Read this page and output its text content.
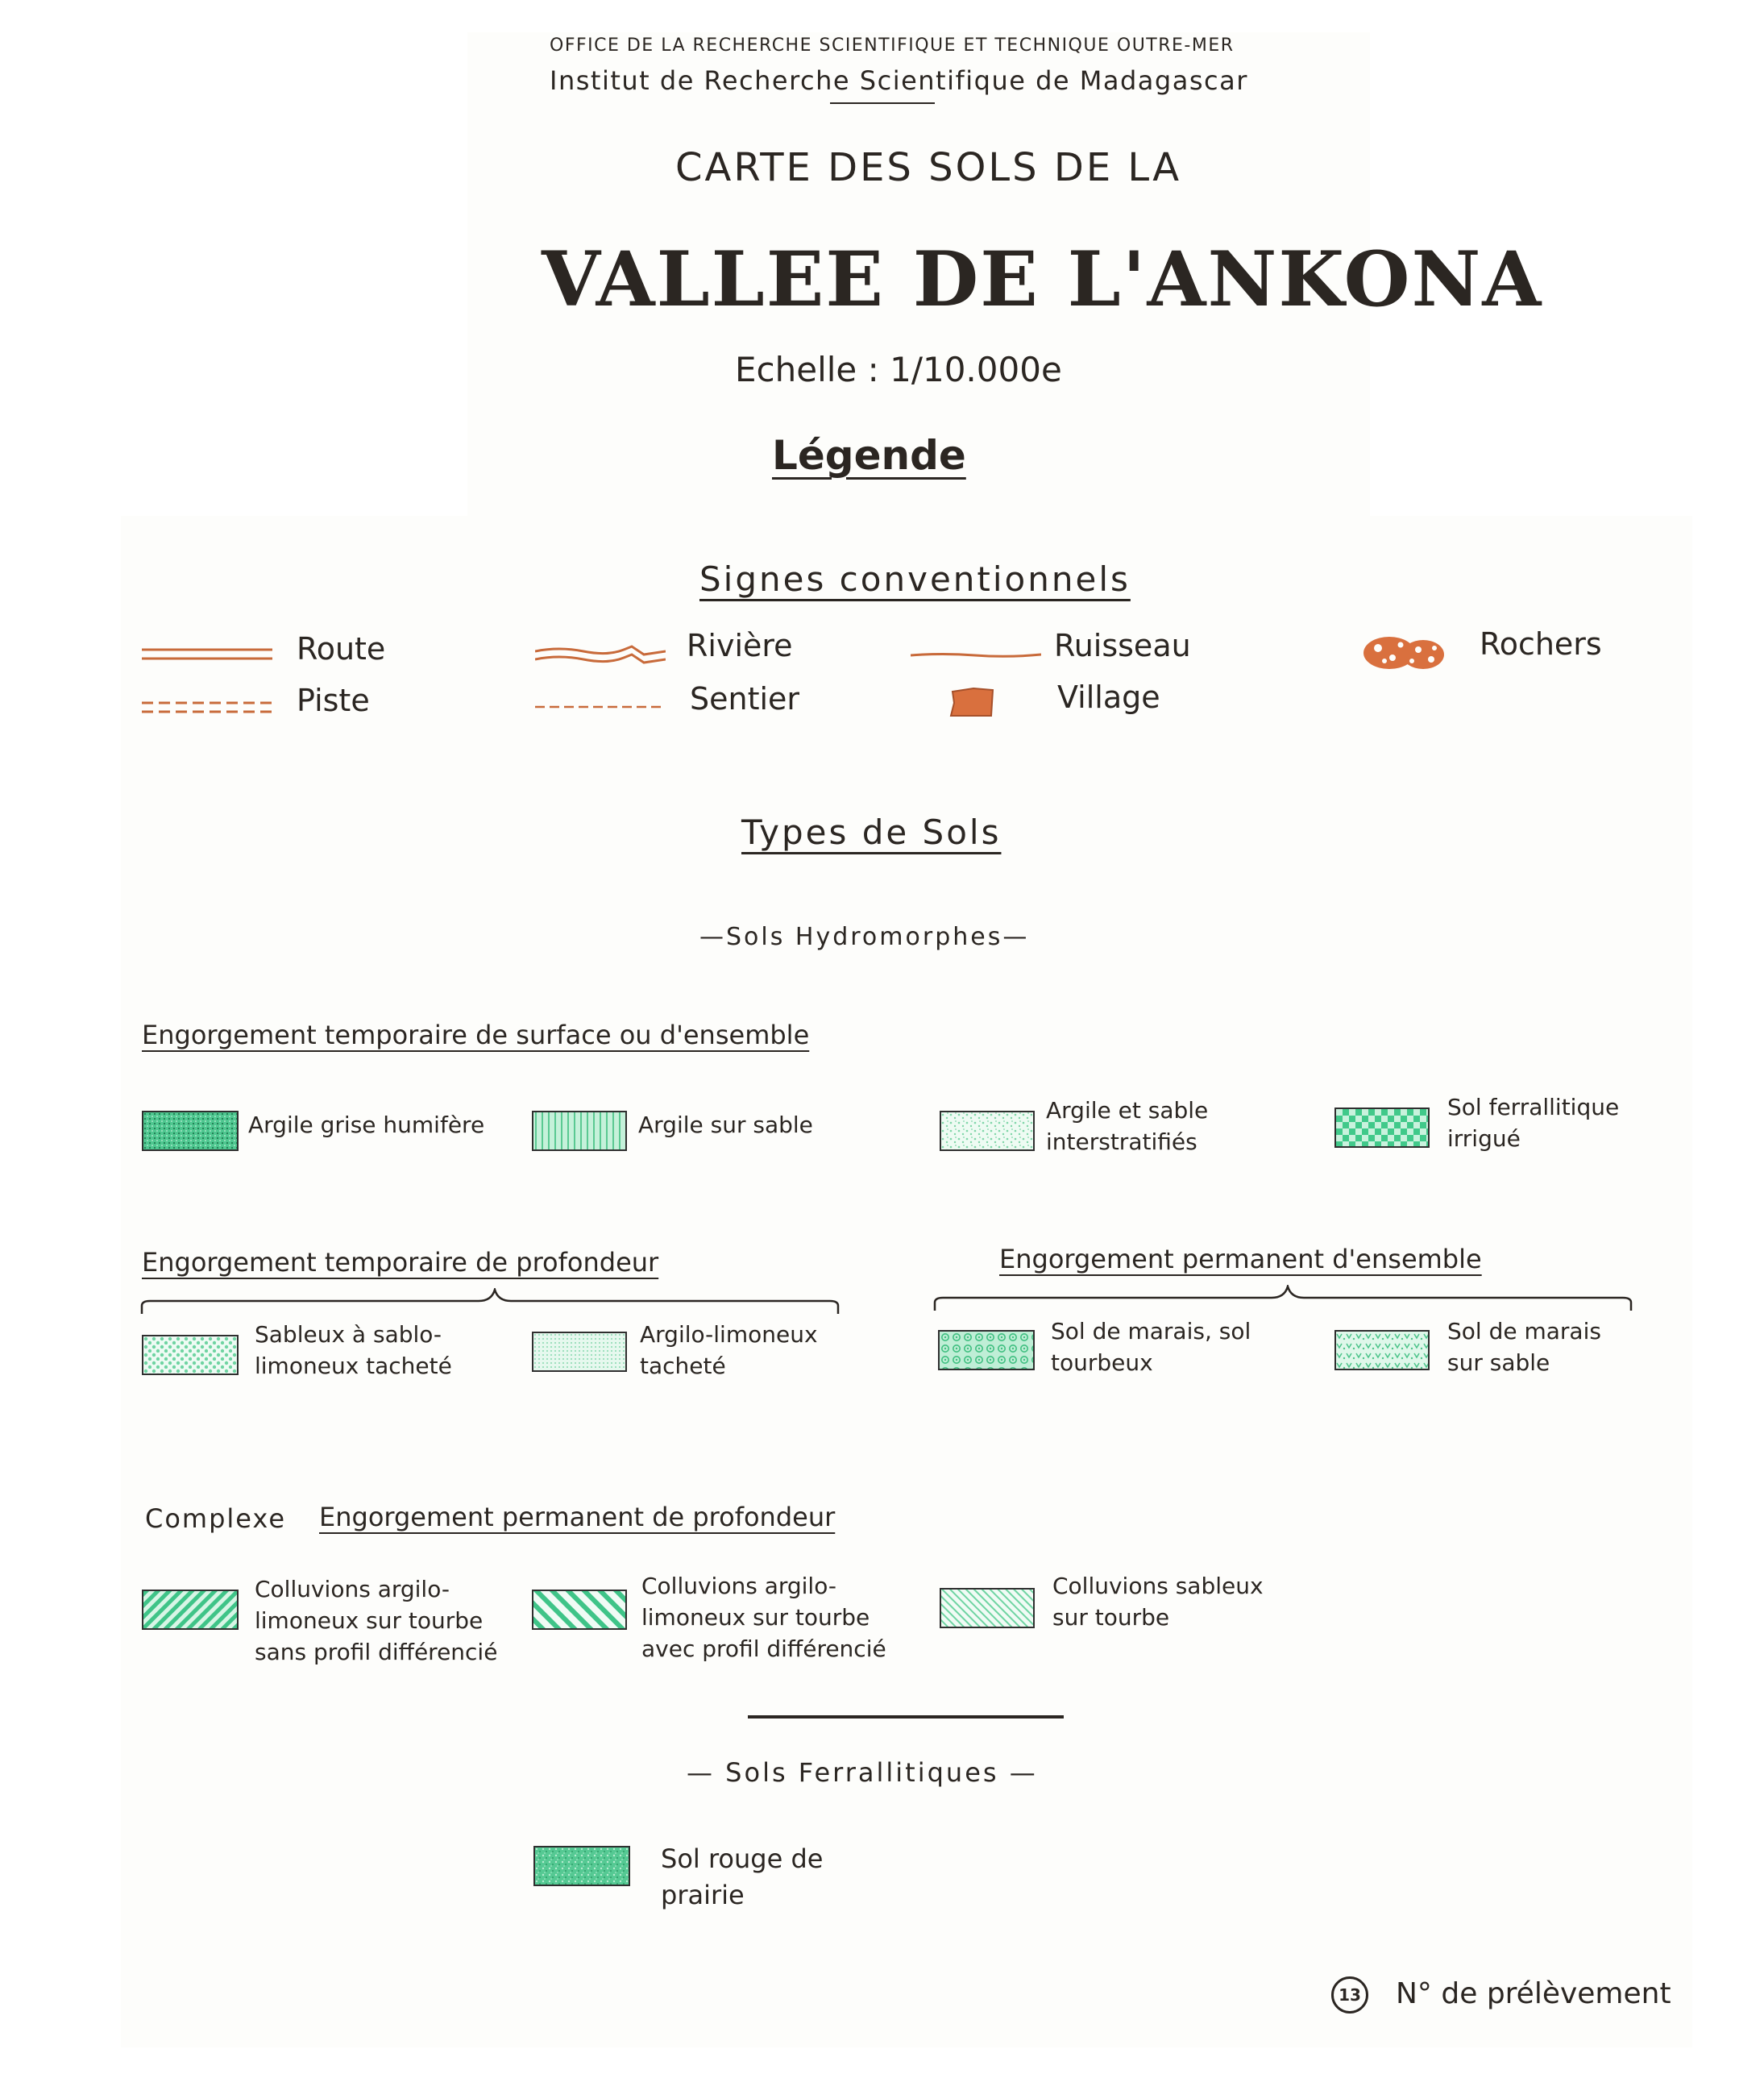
OFFICE DE LA RECHERCHE SCIENTIFIQUE ET TECHNIQUE OUTRE-MER
Institut de Recherche Scientifique de Madagascar
CARTE DES SOLS DE LA
VALLEE DE L'ANKONA
Echelle : 1/10.000e
Légende
Signes conventionnels
Route
Piste
Rivière
Sentier
Ruisseau
Village
Rochers
Types de Sols
—Sols Hydromorphes—
Engorgement temporaire de surface ou d'ensemble
Argile grise humifère	Argile sur sable
Argile et sable interstratifiés
Sol ferrallitique irrigué
Engorgement temporaire de profondeur
Sableux à sablo-limoneux tacheté
Argilo-limoneux tacheté
Engorgement permanent d'ensemble
Sol de marais, sol tourbeux
Sol de marais sur sable
Complexe Engorgement permanent de profondeur
Colluvions argilo-limoneux sur tourbe sans profil différencié
Colluvions argilo-limoneux sur tourbe avec profil différencié
Colluvions sableux sur tourbe
— Sols Ferrallitiques —
Sol rouge de prairie
13 N° de prélèvement
